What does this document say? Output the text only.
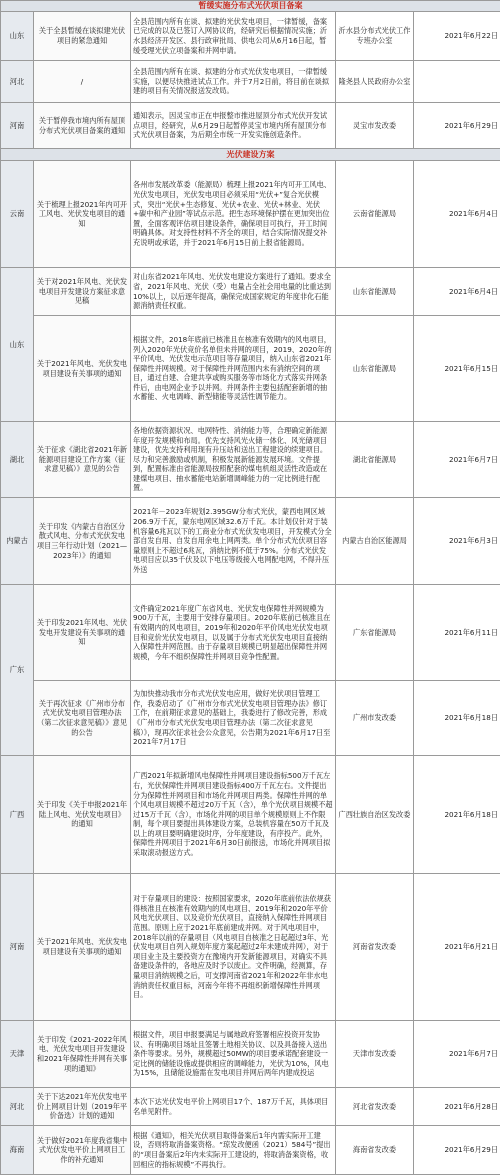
暂缓实施分布式光伏项目备案				
山东	关于全县暂缓在谈拟建光伏项目的紧急通知	全县范围内所有在谈、拟建的光伏发电项目，一律暂缓，备案已完成的以及已签订入网协议的，经研究后根据情况实施；沂水县经济开发区、县行政审批局、供电公司从6月16日起，暂缓受理光伏立项备案和并网申请。	沂水县分布式光伏工作专班办公室	2021年6月22日
河北	/	全县范围内所有在谈、拟建的分布式光伏发电项目，一律暂缓实施，以便尽快推进试点工作。并于7月2日前，将目前在谈拟建的项目有关情况报送发改局。	隆尧县人民政府办公室	
河南	关于暂停我市境内所有屋顶分布式光伏项目备案的通知	通知表示，因灵宝市正在申报整市推进屋顶分布式光伏开发试点项目，经研究，从6月29日起暂停灵宝市境内所有屋顶分布式光伏项目备案，为后期全市统一开发实施创造条件。	灵宝市发改委	2021年6月29日
光伏建设方案				
云南	关于梳理上报2021年内可开工风电、光伏发电项目的通知	各州市发展改革委（能源局）梳理上报2021年内可开工风电、光伏发电项目，光伏发电项目必须采用“光伏+”复合光伏模式，突出“光伏+生态修复、光伏+农业、光伏+林业、光伏+碳中和产业园”等试点示范。把生态环境保护摆在更加突出位置，全面客观评估项目建设条件，确保项目可执行，开工时间明确具体。对支持性材料不齐全的项目，结合实际情况提交补充说明或承诺，并于2021年6月15日前上报省能源局。	云南省能源局	2021年6月4日
山东	关于对2021年风电、光伏发电项目开发建设方案征求意见稿	对山东省2021年风电、光伏发电建设方案进行了通知。要求全省，2021年风电、光伏（受）电量占全社会用电量的比重达到10%以上，以后逐年提高，确保完成国家规定的年度非化石能源消纳责任权重。	山东省能源局	2021年6月4日
	关于2021年风电、光伏发电项目建设有关事项的通知	根据文件，2018年底前已核准且在核准有效期内的风电项目，列入2020年光伏竞价名单但未并网的项目，2019、2020年的平价风电、光伏发电示范项目等存量项目，纳入山东省2021年保障性并网规模。对于保障性并网范围内未有消纳空间的项目，通过自建、合建共享或购买服务等市场化方式落实并网条件后，由电网企业予以并网。并网条件主要包括配套新增的抽水蓄能、火电调峰、新型储能等灵活性调节能力。	山东省能源局	2021年6月15日
湖北	关于征求《湖北省2021年新能源项目建设工作方案（征求意见稿）》意见的公告	各地依据资源状况、电网特性、消纳能力等，合理确定新能源年度开发规模和布局。优先支持风光火储一体化、风光储项目建设，优先支持利用现有升压站和送出工程建设的续建项目。尽力和完善激励或机制，积极发展新能源发展环境。文件提到，配置标准由省能源局按照配套的煤电机组灵活性改造或在建煤电项目、抽水蓄能电站新增调峰能力的一定比例进行配置。	湖北省能源局	2021年6月7日
内蒙古	关于印发《内蒙古自治区分散式风电、分布式光伏发电项目三年行动计划（2021—2023年）》的通知	2021年－2023年规划2.395GW分布式光伏，蒙西电网区域206.9万千瓦，蒙东电网区域32.6万千瓦。本计划仅针对于装机容量6兆瓦以下的工商业分布式光伏发电项目，开发模式分全部自发自用、自发自用余电上网两类。单个分布式光伏项目容量原则上不超过6兆瓦，消纳比例不低于75%。分布式光伏发电项目应以35千伏及以下电压等级接入电网配电网，不得升压外送	内蒙古自治区能源局	2021年6月3日
广东	关于印发2021年风电、光伏发电开发建设有关事项的通知	文件确定2021年度广东省风电、光伏发电保障性并网规模为900万千瓦，主要用于安排存量项目。2020年底前已核准且在有效期内的风电项目，2019年和2020年平价风电光伏发电项目和竞价光伏发电项目，以及属于分布式光伏发电项目直接纳入保障性并网范围。由于存量项目规模已明显超出保障性并网规模，今年不组织保障性并网项目竞争性配置。	广东省能源局	2021年6月11日
	关于再次征求《广州市分布式光伏发电项目管理办法（第二次征求意见稿）》意见的公告	为加快推动我市分布式光伏发电应用，做好光伏项目管理工作，我委启动了《广州市分布式光伏发电项目管理办法》修订工作，在前期征求意见的基础上，我委进行了修改完善，形成《广州市分布式光伏发电项目管理办法（第二次征求意见稿）》，现再次征求社会公众意见，公告期为2021年6月17日至2021年7月17日	广州市发改委	2021年6月18日
广西	关于印发《关于申报2021年陆上风电、光伏发电项目》的通知	广西2021年拟新增风电保障性并网项目建设指标500万千瓦左右，光伏保障性并网项目建设指标400万千瓦左右。文件提出分为保障性并网项目和市场化并网项目两类。保障性并网的单个风电项目规模不超过20万千瓦（含），单个光伏项目规模不超过15万千瓦（含），市场化并网的项目单个规模原则上不作限制，每个项目要提出具体建设方案，总装机容量在50万千瓦及以上的项目要明确建设时序，分年度建设，有序投产。此外，保障性并网项目于2021年6月30日前报送，市场化并网项目拟采取滚动报送方式。	广西壮族自治区发改委	2021年6月18日
河南	关于2021年风电、光伏发电项目建设有关事项的通知	对于存量项目的建设：按照国家要求，2020年底前依法依规获得核准且在核准有效期内的风电项目、2019年和2020年平价风电光伏项目、以及竞价光伏项目，直接纳入保障性并网项目范围。原则上应于2021年底前建成并网。对于风电项目中，2018年以前的存量项目（风电项目自核准之日起超过3年、光伏发电项目自列入规划年度方案起超过2年未建成并网），对于项目业主及主要投资方在豫境内开发新能源项目，对确实不具备建设条件的，各地应及时予以废止。文件明确，经测算，存量项目消纳规模之后，可支撑河南省2021年和2022年非水电消纳责任权重目标，河南今年将不再组织新增保障性并网项目。	河南省发改委	2021年6月21日
天津	关于印发《2021-2022年风电、光伏发电项目开发建设和2021年保障性并网有关事项的通知》	根据文件，项目申报要满足与属地政府签署相应投资开发协议、有明确项目场址且签署土地相关协议、以及具备接入送出条件等要求。另外，规模超过50MW的项目要承诺配套建设一定比例的储能设施或提供相应的调峰能力，光伏为10%，风电为15%，且储能设施需在发电项目并网后两年内建成投运	天津市发改委	2021年6月7日
河北	关于下达2021年光伏发电平价上网项目计划（2019年平价备选）计划的通知	本次下达光伏发电平价上网项目17个、187万千瓦，具体项目名单见附件。	河北省发改委	2021年6月28日
海南	关于做好2021年度我省集中式光伏发电平价上网项目工作的补充通知	根据《通知》，相关光伏项目取得备案后1年内需实际开工建设，否则将取消备案资格。“琼发改便函（2021）584号”提出的“项目备案后2年内未实际开工建设的，将取消备案资格，收回相应的指标规模”不再执行。	海南省发改委	2021年6月29日
